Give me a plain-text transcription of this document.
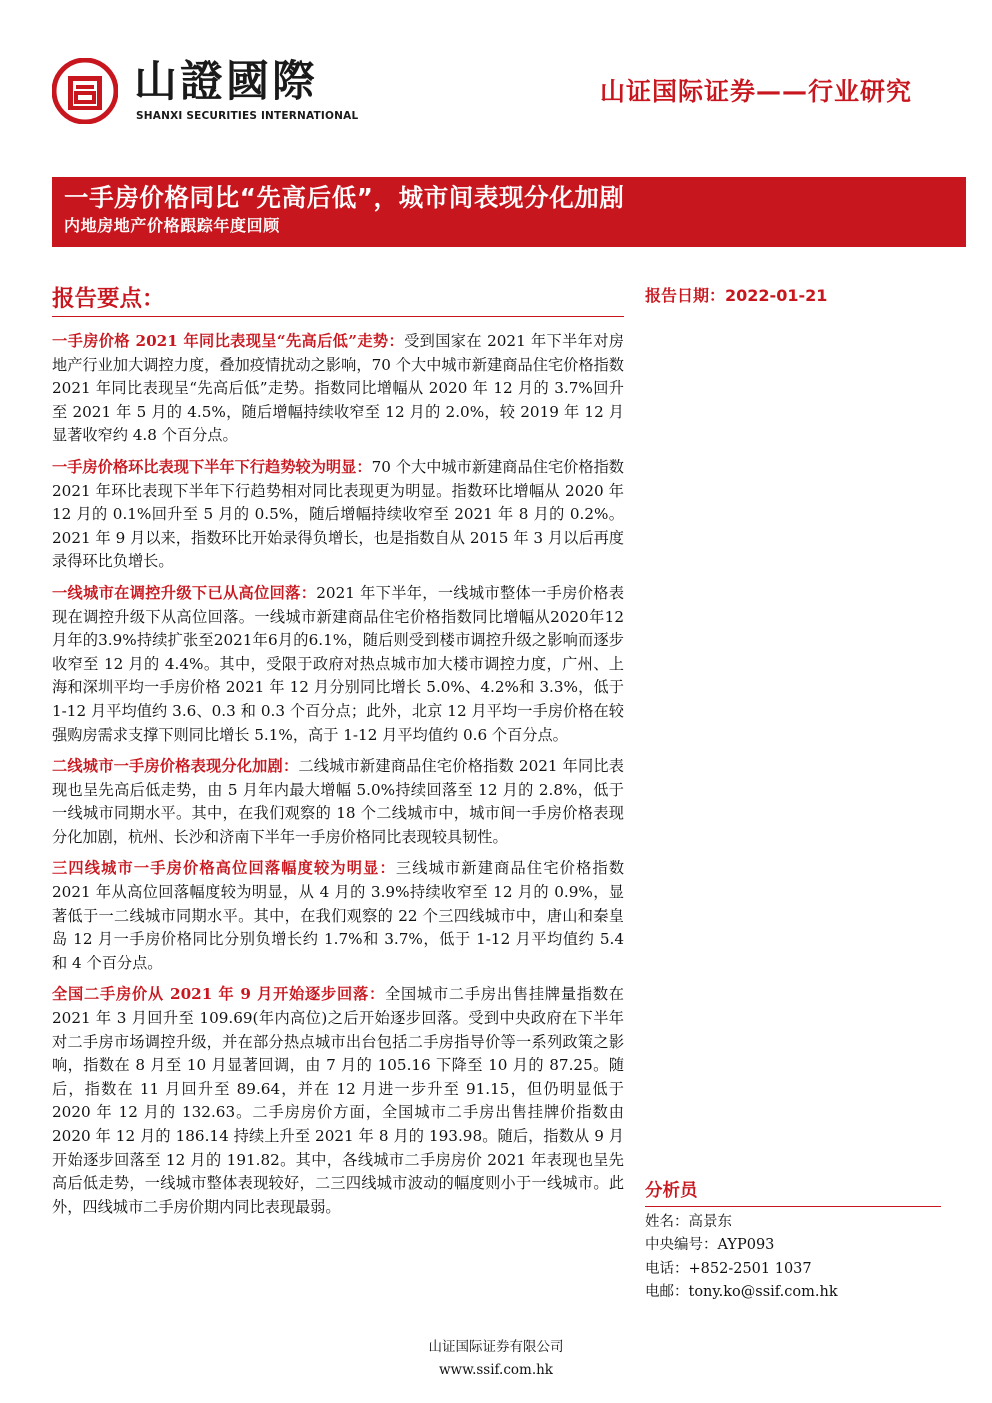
山證國際
SHANXI SECURITIES INTERNATIONAL
山证国际证券——行业研究
一手房价格同比“先高后低”，城市间表现分化加剧
内地房地产价格跟踪年度回顾
报告要点：	报告日期：2022-01-21

一手房价格 2021 年同比表现呈“先高后低”走势：受到国家在 2021 年下半年对房地产行业加大调控力度，叠加疫情扰动之影响，70 个大中城市新建商品住宅价格指数 2021 年同比表现呈“先高后低”走势。指数同比增幅从 2020 年 12 月的 3.7%回升至 2021 年 5 月的 4.5%，随后增幅持续收窄至 12 月的 2.0%，较 2019 年 12 月显著收窄约 4.8 个百分点。

一手房价格环比表现下半年下行趋势较为明显：70 个大中城市新建商品住宅价格指数 2021 年环比表现下半年下行趋势相对同比表现更为明显。指数环比增幅从 2020 年 12 月的 0.1%回升至 5 月的 0.5%，随后增幅持续收窄至 2021 年 8 月的 0.2%。2021 年 9 月以来，指数环比开始录得负增长，也是指数自从 2015 年 3 月以后再度录得环比负增长。

一线城市在调控升级下已从高位回落：2021 年下半年，一线城市整体一手房价格表现在调控升级下从高位回落。一线城市新建商品住宅价格指数同比增幅从2020年12月年的3.9%持续扩张至2021年6月的6.1%，随后则受到楼市调控升级之影响而逐步收窄至 12 月的 4.4%。其中，受限于政府对热点城市加大楼市调控力度，广州、上海和深圳平均一手房价格 2021 年 12 月分别同比增长 5.0%、4.2%和 3.3%，低于 1-12 月平均值约 3.6、0.3 和 0.3 个百分点；此外，北京 12 月平均一手房价格在较强购房需求支撑下则同比增长 5.1%，高于 1-12 月平均值约 0.6 个百分点。

二线城市一手房价格表现分化加剧：二线城市新建商品住宅价格指数 2021 年同比表现也呈先高后低走势，由 5 月年内最大增幅 5.0%持续回落至 12 月的 2.8%，低于一线城市同期水平。其中，在我们观察的 18 个二线城市中，城市间一手房价格表现分化加剧，杭州、长沙和济南下半年一手房价格同比表现较具韧性。

三四线城市一手房价格高位回落幅度较为明显：三线城市新建商品住宅价格指数 2021 年从高位回落幅度较为明显，从 4 月的 3.9%持续收窄至 12 月的 0.9%，显著低于一二线城市同期水平。其中，在我们观察的 22 个三四线城市中，唐山和秦皇岛 12 月一手房价格同比分别负增长约 1.7%和 3.7%，低于 1-12 月平均值约 5.4 和 4 个百分点。

全国二手房价从 2021 年 9 月开始逐步回落：全国城市二手房出售挂牌量指数在 2021 年 3 月回升至 109.69(年内高位)之后开始逐步回落。受到中央政府在下半年对二手房市场调控升级，并在部分热点城市出台包括二手房指导价等一系列政策之影响，指数在 8 月至 10 月显著回调，由 7 月的 105.16 下降至 10 月的 87.25。随后，指数在 11 月回升至 89.64，并在 12 月进一步升至 91.15，但仍明显低于 2020 年 12 月的 132.63。二手房房价方面，全国城市二手房出售挂牌价指数由 2020 年 12 月的 186.14 持续上升至 2021 年 8 月的 193.98。随后，指数从 9 月开始逐步回落至 12 月的 191.82。其中，各线城市二手房房价 2021 年表现也呈先高后低走势，一线城市整体表现较好，二三四线城市波动的幅度则小于一线城市。此外，四线城市二手房价期内同比表现最弱。

分析员
姓名：高景东
中央编号：AYP093
电话：+852-2501 1037
电邮：tony.ko@ssif.com.hk
山证国际证券有限公司
www.ssif.com.hk
